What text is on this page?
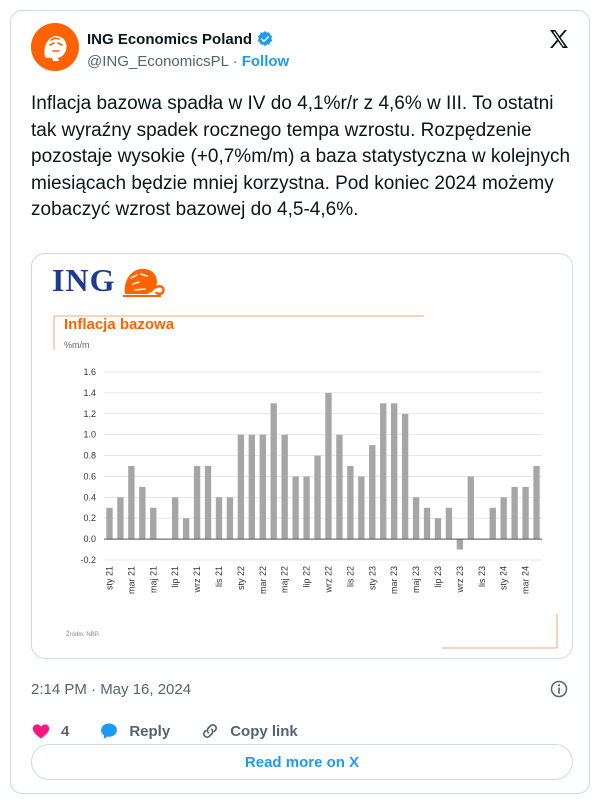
ING Economics Poland
@ING_EconomicsPL · Follow
Inflacja bazowa spadła w IV do 4,1%r/r z 4,6% w III. To ostatni tak wyraźny spadek rocznego tempa wzrostu. Rozpędzenie pozostaje wysokie (+0,7%m/m) a baza statystyczna w kolejnych miesiącach będzie mniej korzystna. Pod koniec 2024 możemy zobaczyć wzrost bazowej do 4,5-4,6%.
ING
Inflacja bazowa
%m/m
-0.2
0.0
0.2
0.4
0.6
0.8
1.0
1.2
1.4
1.6
sty 21 mar 21 maj 21 lip 21 wrz 21 lis 21 sty 22 mar 22 maj 22 lip 22 wrz 22 lis 22 sty 23 mar 23 maj 23 lip 23 wrz 23 lis 23 sty 24 mar 24
Źródło: NBP.
2:14 PM · May 16, 2024
4	Reply	Copy link
Read more on X
